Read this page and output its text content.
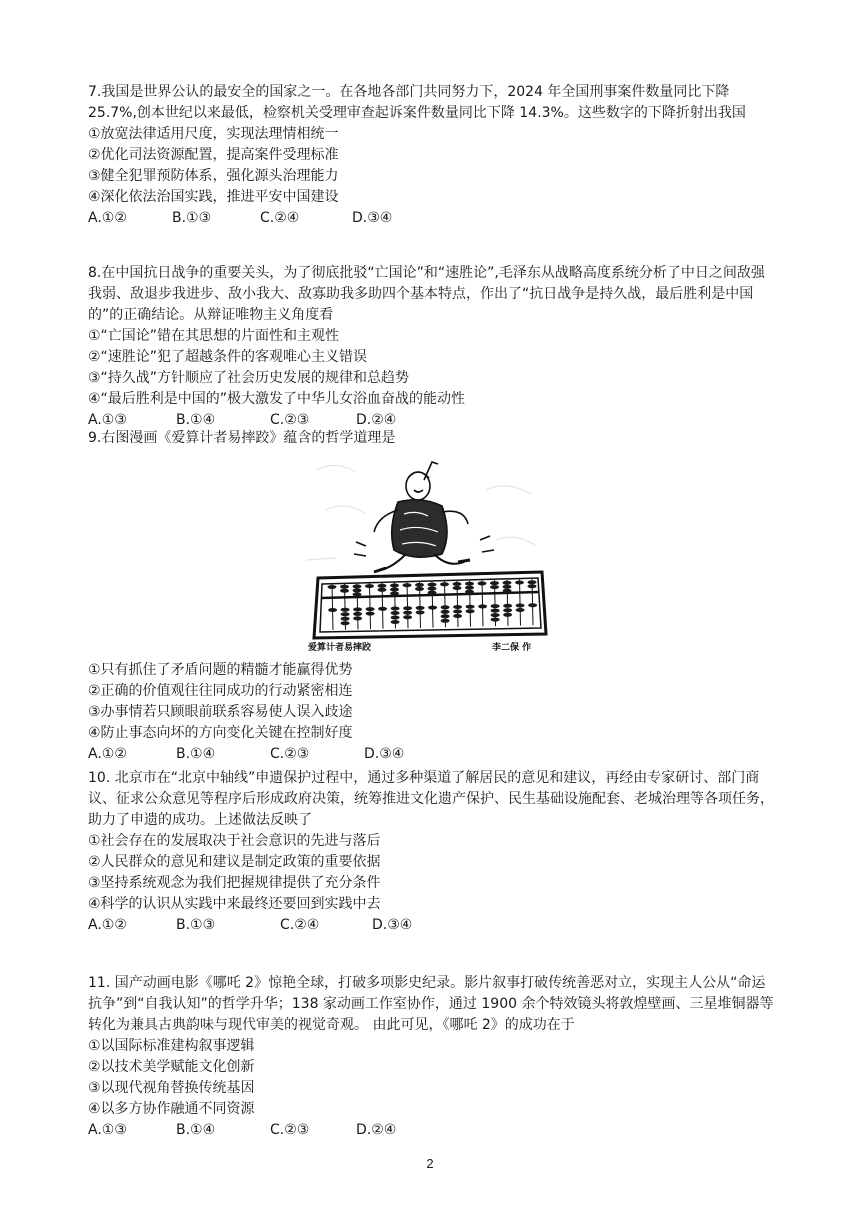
7.我国是世界公认的最安全的国家之一。在各地各部门共同努力下，2024 年全国刑事案件数量同比下降 25.7%,创本世纪以来最低，检察机关受理审查起诉案件数量同比下降 14.3%。这些数字的下降折射出我国

①放宽法律适用尺度，实现法理情相统一

②优化司法资源配置，提高案件受理标准

③健全犯罪预防体系，强化源头治理能力

④深化依法治国实践，推进平安中国建设

A.①②	B.①③	C.②④	D.③④

8.在中国抗日战争的重要关头，为了彻底批驳“亡国论”和“速胜论”,毛泽东从战略高度系统分析了中日之间敌强我弱、敌退步我进步、敌小我大、敌寡助我多助四个基本特点，作出了“抗日战争是持久战，最后胜利是中国的”的正确结论。从辩证唯物主义角度看

①“亡国论”错在其思想的片面性和主观性

②“速胜论”犯了超越条件的客观唯心主义错误

③“持久战”方针顺应了社会历史发展的规律和总趋势

④“最后胜利是中国的”极大激发了中华儿女浴血奋战的能动性

A.①③	B.①④	C.②③	D.②④

9.右图漫画《爱算计者易摔跤》蕴含的哲学道理是

爱算计者易摔跤	李二保 作

①只有抓住了矛盾问题的精髓才能赢得优势

②正确的价值观往往同成功的行动紧密相连

③办事情若只顾眼前联系容易使人误入歧途

④防止事态向坏的方向变化关键在控制好度

A.①②	B.①④	C.②③	D.③④

10. 北京市在“北京中轴线”申遗保护过程中，通过多种渠道了解居民的意见和建议，再经由专家研讨、部门商议、征求公众意见等程序后形成政府决策，统筹推进文化遗产保护、民生基础设施配套、老城治理等各项任务，助力了申遗的成功。上述做法反映了

①社会存在的发展取决于社会意识的先进与落后

②人民群众的意见和建议是制定政策的重要依据

③坚持系统观念为我们把握规律提供了充分条件

④科学的认识从实践中来最终还要回到实践中去

A.①②	B.①③	C.②④	D.③④

11. 国产动画电影《哪吒 2》惊艳全球，打破多项影史纪录。影片叙事打破传统善恶对立，实现主人公从“命运抗争”到“自我认知”的哲学升华；138 家动画工作室协作，通过 1900 余个特效镜头将敦煌壁画、三星堆铜器等转化为兼具古典韵味与现代审美的视觉奇观。 由此可见，《哪吒 2》的成功在于

①以国际标准建构叙事逻辑

②以技术美学赋能文化创新

③以现代视角替换传统基因

④以多方协作融通不同资源

A.①③	B.①④	C.②③	D.②④

2
